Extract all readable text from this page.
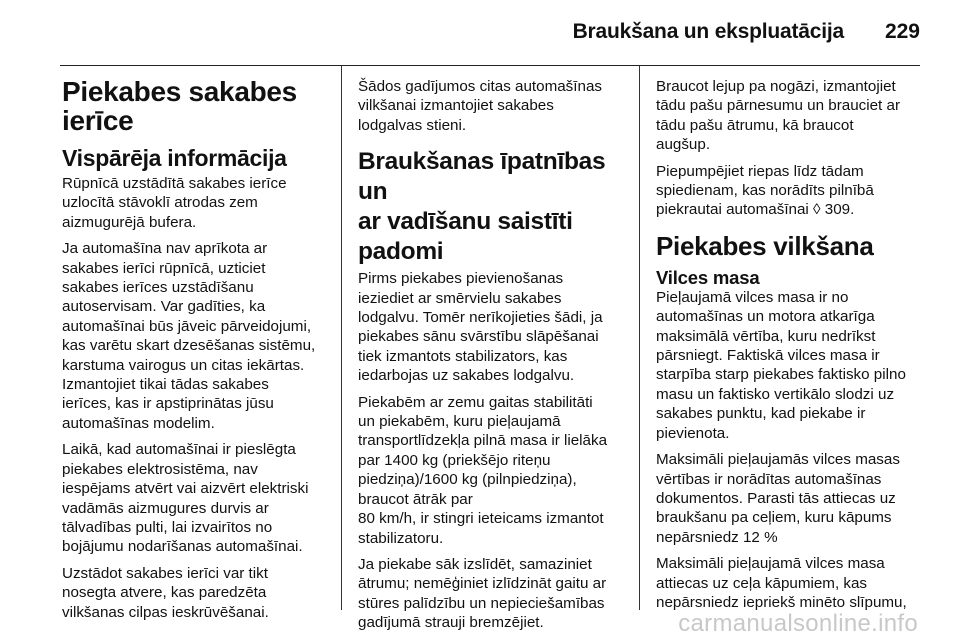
Braukšana un ekspluatācija 229
Piekabes sakabes
ierīce
Vispārēja informācija

Rūpnīcā uzstādītā sakabes ierīce
uzlocītā stāvoklī atrodas zem
aizmugurējā bufera.

Ja automašīna nav aprīkota ar
sakabes ierīci rūpnīcā, uzticiet
sakabes ierīces uzstādīšanu
autoservisam. Var gadīties, ka
automašīnai būs jāveic pārveidojumi,
kas varētu skart dzesēšanas sistēmu,
karstuma vairogus un citas iekārtas.
Izmantojiet tikai tādas sakabes
ierīces, kas ir apstiprinātas jūsu
automašīnas modelim.

Laikā, kad automašīnai ir pieslēgta
piekabes elektrosistēma, nav
iespējams atvērt vai aizvērt elektriski
vadāmās aizmugures durvis ar
tālvadības pulti, lai izvairītos no
bojājumu nodarīšanas automašīnai.

Uzstādot sakabes ierīci var tikt
nosegta atvere, kas paredzēta
vilkšanas cilpas ieskrūvēšanai.

Šādos gadījumos citas automašīnas
vilkšanai izmantojiet sakabes
lodgalvas stieni.

Braukšanas īpatnības un
ar vadīšanu saistīti padomi

Pirms piekabes pievienošanas
ieziediet ar smērvielu sakabes
lodgalvu. Tomēr nerīkojieties šādi, ja
piekabes sānu svārstību slāpēšanai
tiek izmantots stabilizators, kas
iedarbojas uz sakabes lodgalvu.

Piekabēm ar zemu gaitas stabilitāti
un piekabēm, kuru pieļaujamā
transportlīdzekļa pilnā masa ir lielāka
par 1400 kg (priekšējo riteņu
piedziņa)/1600 kg (pilnpiedziņa),
braucot ātrāk par
80 km/h, ir stingri ieteicams izmantot
stabilizatoru.

Ja piekabe sāk izslīdēt, samaziniet
ātrumu; nemēģiniet izlīdzināt gaitu ar
stūres palīdzību un nepieciešamības
gadījumā strauji bremzējiet.

Braucot lejup pa nogāzi, izmantojiet
tādu pašu pārnesumu un brauciet ar
tādu pašu ātrumu, kā braucot
augšup.

Piepumpējiet riepas līdz tādam
spiedienam, kas norādīts pilnībā
piekrautai automašīnai ◊ 309.

Piekabes vilkšana
Vilces masa

Pieļaujamā vilces masa ir no
automašīnas un motora atkarīga
maksimālā vērtība, kuru nedrīkst
pārsniegt. Faktiskā vilces masa ir
starpība starp piekabes faktisko pilno
masu un faktisko vertikālo slodzi uz
sakabes punktu, kad piekabe ir
pievienota.

Maksimāli pieļaujamās vilces masas
vērtības ir norādītas automašīnas
dokumentos. Parasti tās attiecas uz
braukšanu pa ceļiem, kuru kāpums
nepārsniedz 12 %

Maksimāli pieļaujamā vilces masa
attiecas uz ceļa kāpumiem, kas
nepārsniedz iepriekš minēto slīpumu,

carmanualsonline.info
